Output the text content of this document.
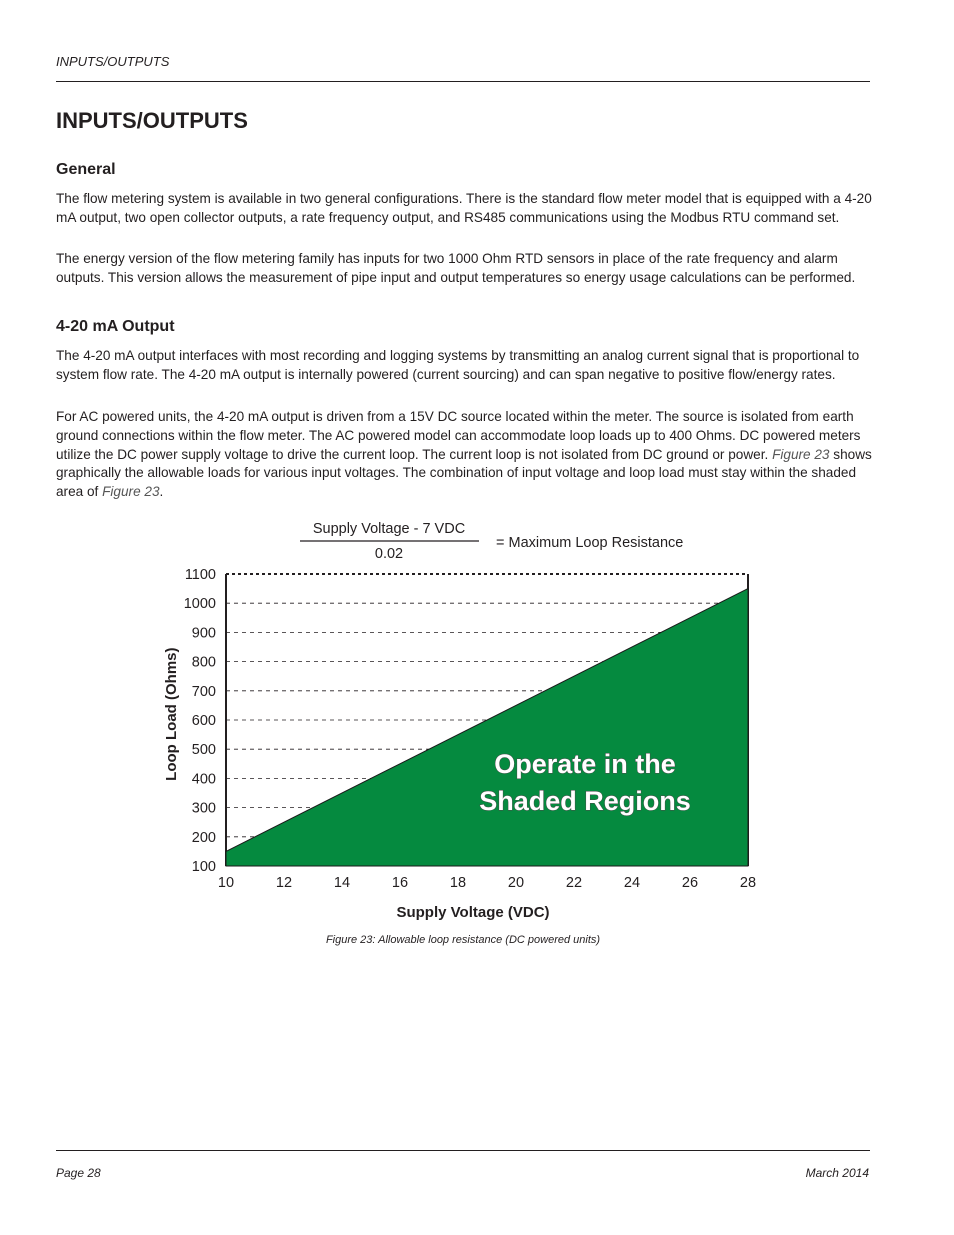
INPUTS/OUTPUTS
INPUTS/OUTPUTS
General

The flow metering system is available in two general configurations. There is the standard flow meter model that is equipped with a 4-20 mA output, two open collector outputs, a rate frequency output, and RS485 communications using the Modbus RTU command set.

The energy version of the flow metering family has inputs for two 1000 Ohm RTD sensors in place of the rate frequency and alarm outputs. This version allows the measurement of pipe input and output temperatures so energy usage calculations can be performed.

4-20 mA Output

The 4-20 mA output interfaces with most recording and logging systems by transmitting an analog current signal that is proportional to system flow rate. The 4-20 mA output is internally powered (current sourcing) and can span negative to positive flow/energy rates.

For AC powered units, the 4-20 mA output is driven from a 15V DC source located within the meter. The source is isolated from earth ground connections within the flow meter. The AC powered model can accommodate loop loads up to 400 Ohms. DC powered meters utilize the DC power supply voltage to drive the current loop. The current loop is not isolated from DC ground or power. Figure 23 shows graphically the allowable loads for various input voltages. The combination of input voltage and loop load must stay within the shaded area of Figure 23.

Supply Voltage - 7 VDC
0.02
= Maximum Loop Resistance
100
200
300
400
500
600
700
800
900
1000
1100
10	12	14	16	18	20	22	24	26	28
Operate in the
Shaded Regions
Supply Voltage (VDC)
Loop Load (Ohms)
Figure 23: Allowable loop resistance (DC powered units)
Page 28	March 2014
